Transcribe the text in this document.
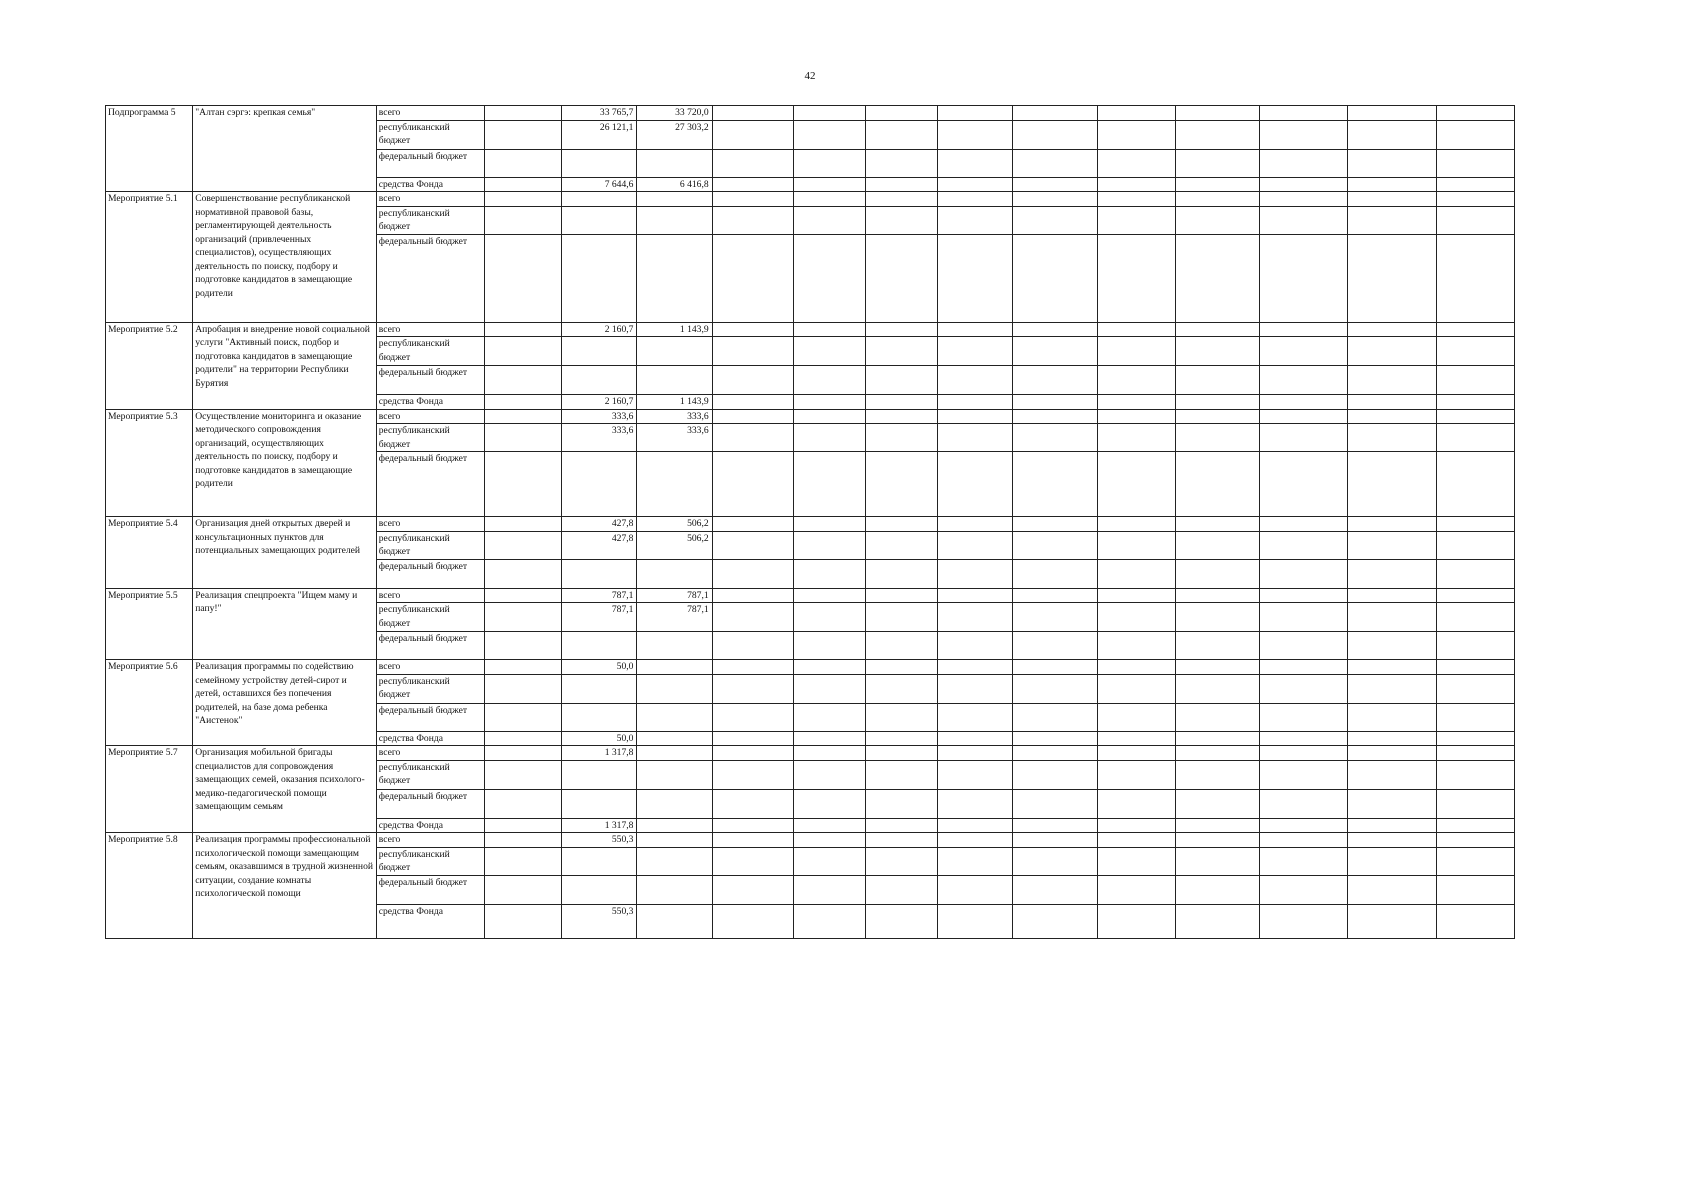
42
Подпрограмма 5	"Алтан сэргэ: крепкая семья"	всего		33 765,7	33 720,0										
		республиканский бюджет		26 121,1	27 303,2										
		федеральный бюджет													
		средства Фонда		7 644,6	6 416,8										
Мероприятие 5.1	Совершенствование республиканской нормативной правовой базы, регламентирующей деятельность организаций (привлеченных специалистов), осуществляющих деятельность по поиску, подбору и подготовке кандидатов в замещающие родители	всего													
		республиканский бюджет													
		федеральный бюджет													
Мероприятие 5.2	Апробация и внедрение новой социальной услуги "Активный поиск, подбор и подготовка кандидатов в замещающие родители" на территории Республики Бурятия	всего		2 160,7	1 143,9										
		республиканский бюджет													
		федеральный бюджет													
		средства Фонда		2 160,7	1 143,9										
Мероприятие 5.3	Осуществление мониторинга и оказание методического сопровождения организаций, осуществляющих деятельность по поиску, подбору и подготовке кандидатов в замещающие родители	всего		333,6	333,6										
		республиканский бюджет		333,6	333,6										
		федеральный бюджет													
Мероприятие 5.4	Организация дней открытых дверей и консультационных пунктов для потенциальных замещающих родителей	всего		427,8	506,2										
		республиканский бюджет		427,8	506,2										
		федеральный бюджет													
Мероприятие 5.5	Реализация спецпроекта "Ищем маму и папу!"	всего		787,1	787,1										
		республиканский бюджет		787,1	787,1										
		федеральный бюджет													
Мероприятие 5.6	Реализация программы по содействию семейному устройству детей-сирот и детей, оставшихся без попечения родителей, на базе дома ребенка "Аистенок"	всего		50,0											
		республиканский бюджет													
		федеральный бюджет													
		средства Фонда		50,0											
Мероприятие 5.7	Организация мобильной бригады специалистов для сопровождения замещающих семей, оказания психолого-медико-педагогической помощи замещающим семьям	всего		1 317,8											
		республиканский бюджет													
		федеральный бюджет													
		средства Фонда		1 317,8											
Мероприятие 5.8	Реализация программы профессиональной психологической помощи замещающим семьям, оказавшимся в трудной жизненной ситуации, создание комнаты психологической помощи	всего		550,3											
		республиканский бюджет													
		федеральный бюджет													
		средства Фонда		550,3											
